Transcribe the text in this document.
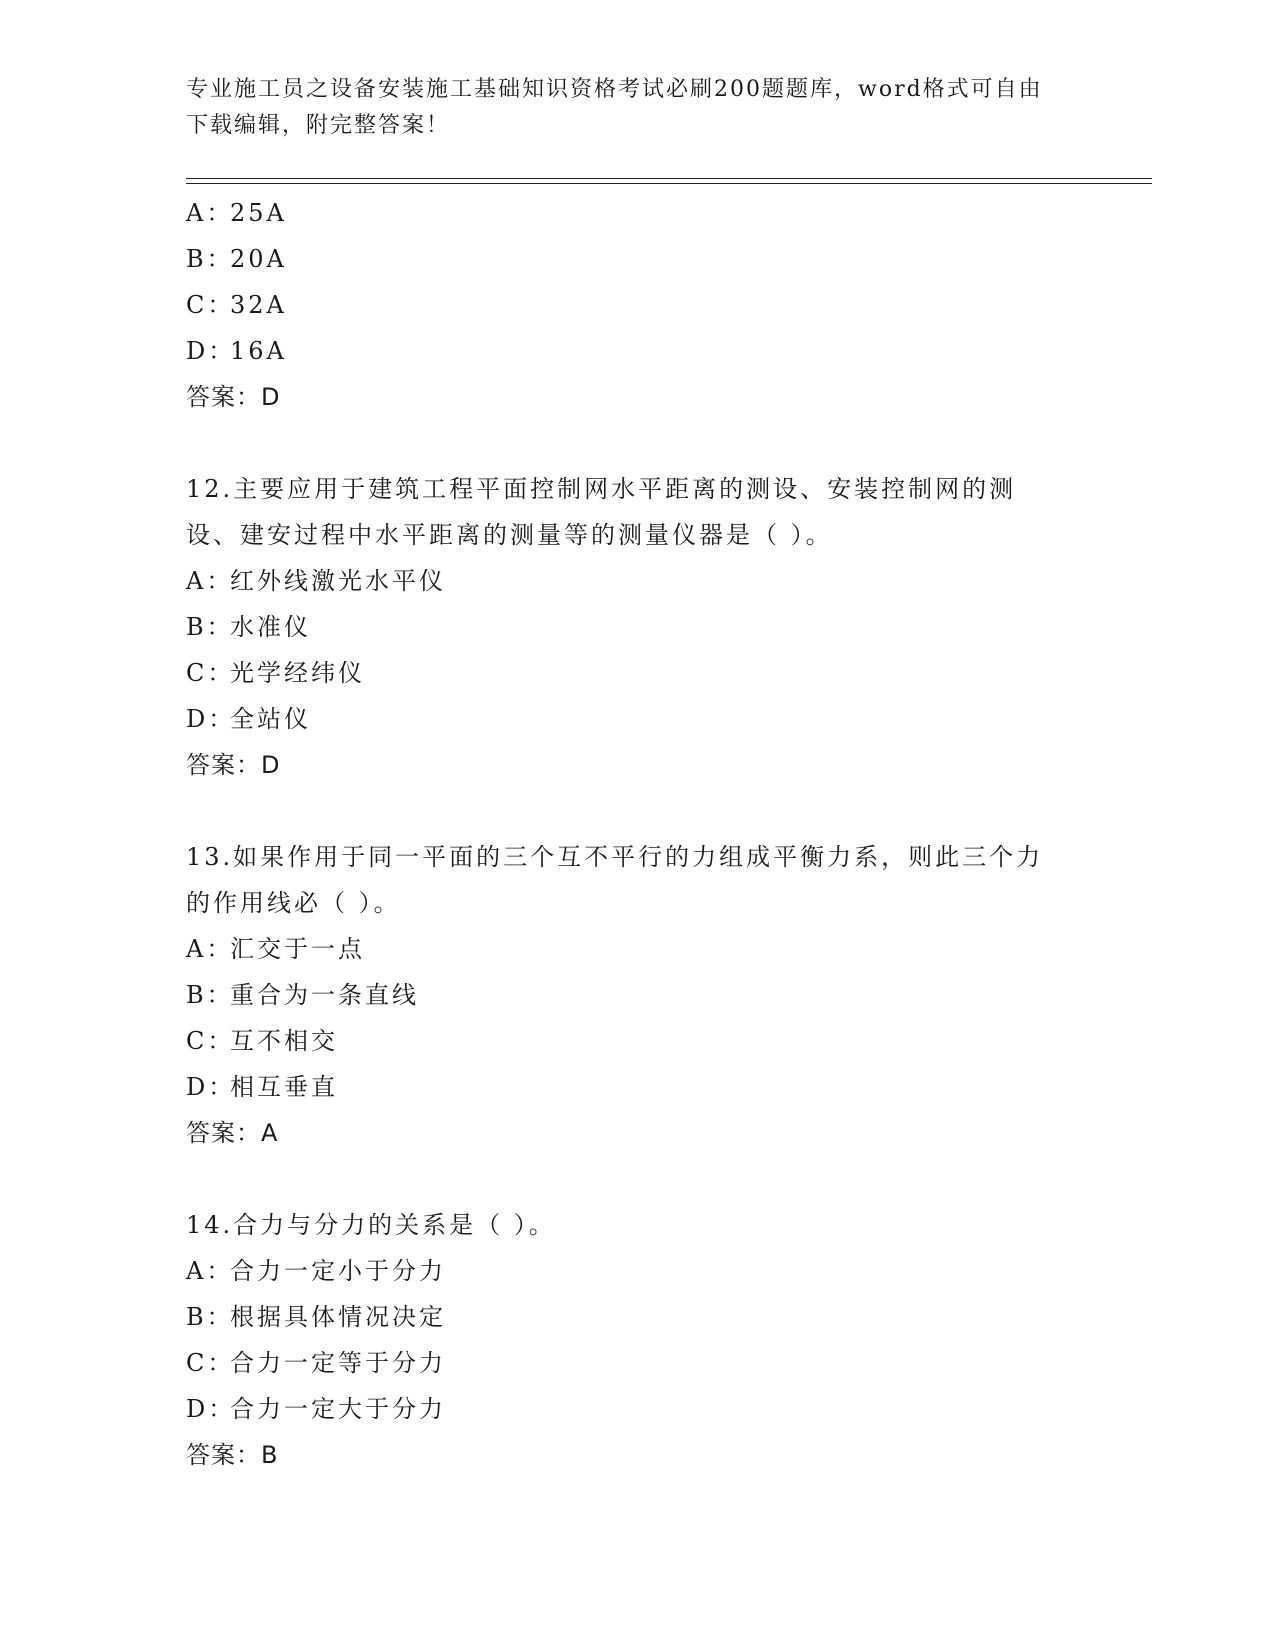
专业施工员之设备安装施工基础知识资格考试必刷200题题库，word格式可自由下载编辑，附完整答案！
A：25A
B：20A
C：32A
D：16A
答案：D
12.主要应用于建筑工程平面控制网水平距离的测设、安装控制网的测设、建安过程中水平距离的测量等的测量仪器是（ ）。
A：红外线激光水平仪
B：水准仪
C：光学经纬仪
D：全站仪
答案：D
13.如果作用于同一平面的三个互不平行的力组成平衡力系，则此三个力的作用线必（ ）。
A：汇交于一点
B：重合为一条直线
C：互不相交
D：相互垂直
答案：A
14.合力与分力的关系是（ ）。
A：合力一定小于分力
B：根据具体情况决定
C：合力一定等于分力
D：合力一定大于分力
答案：B
